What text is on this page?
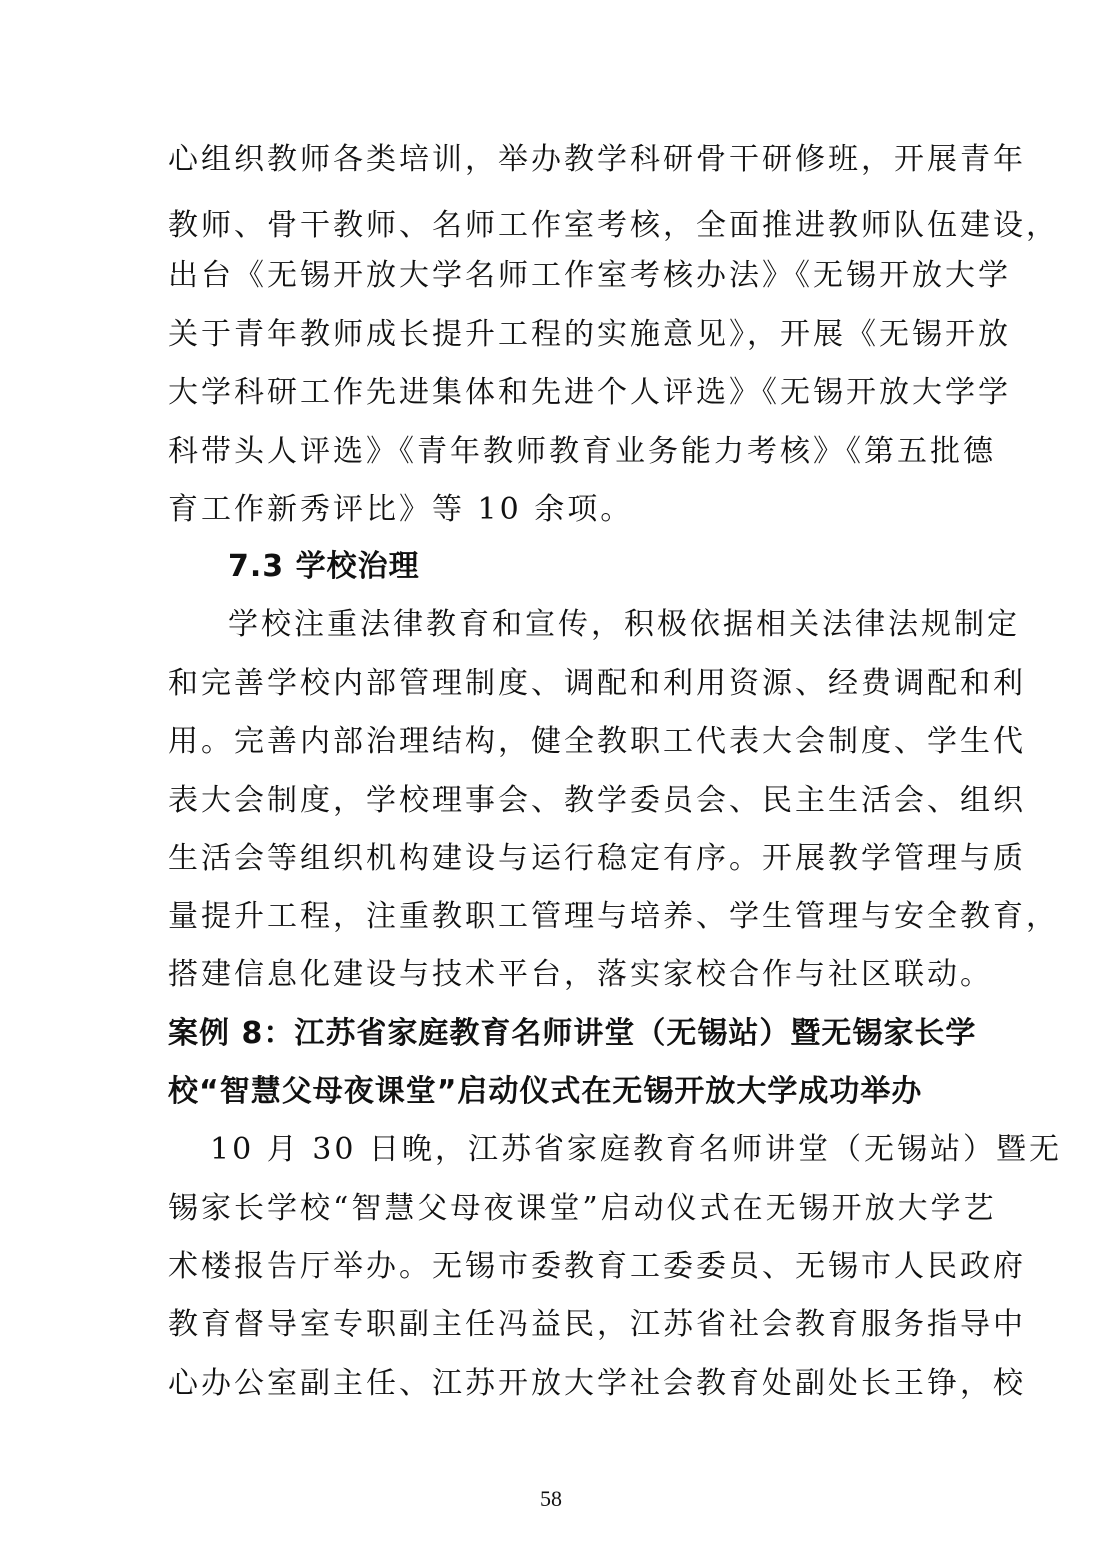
心组织教师各类培训，举办教学科研骨干研修班，开展青年
教师、骨干教师、名师工作室考核，全面推进教师队伍建设，
出台《无锡开放大学名师工作室考核办法》《无锡开放大学
关于青年教师成长提升工程的实施意见》，开展《无锡开放
大学科研工作先进集体和先进个人评选》《无锡开放大学学
科带头人评选》《青年教师教育业务能力考核》《第五批德
育工作新秀评比》等 10 余项。
7.3 学校治理
学校注重法律教育和宣传，积极依据相关法律法规制定
和完善学校内部管理制度、调配和利用资源、经费调配和利
用。完善内部治理结构，健全教职工代表大会制度、学生代
表大会制度，学校理事会、教学委员会、民主生活会、组织
生活会等组织机构建设与运行稳定有序。开展教学管理与质
量提升工程，注重教职工管理与培养、学生管理与安全教育，
搭建信息化建设与技术平台，落实家校合作与社区联动。
案例 8：江苏省家庭教育名师讲堂（无锡站）暨无锡家长学
校“智慧父母夜课堂”启动仪式在无锡开放大学成功举办
10 月 30 日晚，江苏省家庭教育名师讲堂（无锡站）暨无
锡家长学校“智慧父母夜课堂”启动仪式在无锡开放大学艺
术楼报告厅举办。无锡市委教育工委委员、无锡市人民政府
教育督导室专职副主任冯益民，江苏省社会教育服务指导中
心办公室副主任、江苏开放大学社会教育处副处长王铮，校
58
